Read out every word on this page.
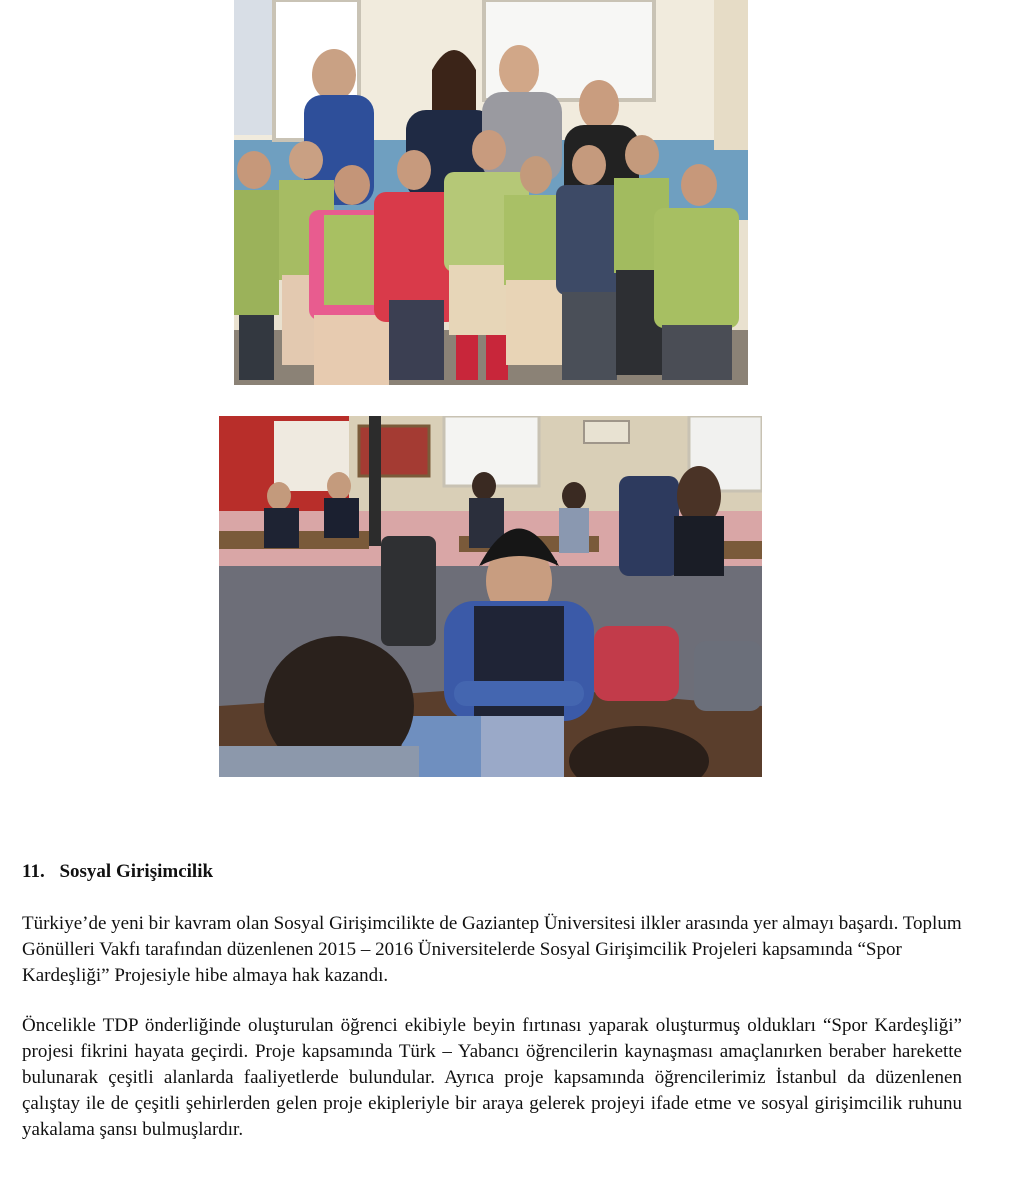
11. Sosyal Girişimcilik

Türkiye’de yeni bir kavram olan Sosyal Girişimcilikte de Gaziantep Üniversitesi ilkler arasında yer almayı başardı. Toplum Gönülleri Vakfı tarafından düzenlenen 2015 – 2016 Üniversitelerde Sosyal Girişimcilik Projeleri kapsamında “Spor Kardeşliği” Projesiyle hibe almaya hak kazandı.

Öncelikle TDP önderliğinde oluşturulan öğrenci ekibiyle beyin fırtınası yaparak oluşturmuş oldukları “Spor Kardeşliği” projesi fikrini hayata geçirdi. Proje kapsamında Türk – Yabancı öğrencilerin kaynaşması amaçlanırken beraber harekette bulunarak çeşitli alanlarda faaliyetlerde bulundular. Ayrıca proje kapsamında öğrencilerimiz İstanbul da düzenlenen çalıştay ile de çeşitli şehirlerden gelen proje ekipleriyle bir araya gelerek projeyi ifade etme ve sosyal girişimcilik ruhunu yakalama şansı bulmuşlardır.
